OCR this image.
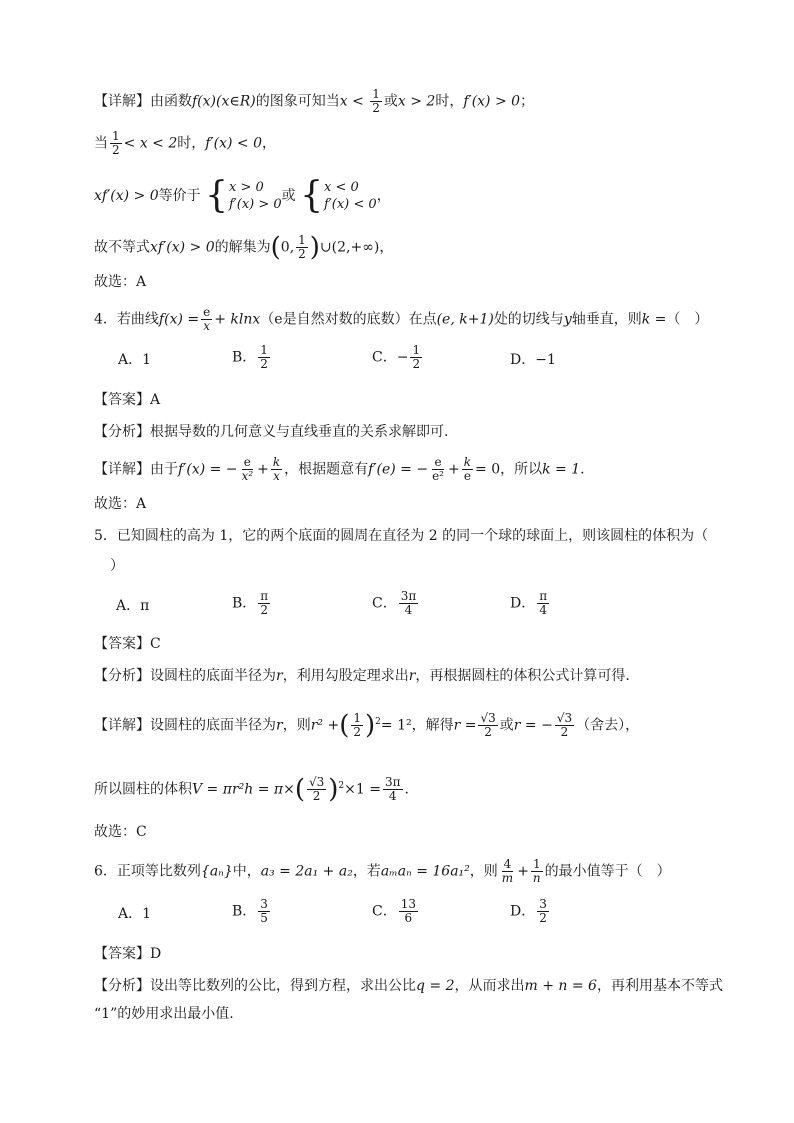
【详解】由函数f(x)(x∈R)的图象可知当$x < \frac{1}{2}$ 或x > 2时，f′(x) > 0；
当 $\frac{1}{2} < x < 2$时，f′(x) < 0，
xf′(x) > 0等价于 { x > 0
f′(x) > 0
或 { x < 0
f′(x) < 0
，
故不等式xf′(x) > 0的解集为(0, $\frac{1}{2}$ )∪(2,+∞)，
故选：A
4．若曲线$f(x) = \frac{e}{x} + klnx(e$是自然对数的底数）在点(e, k+1)处的切线与y轴垂直，则k =（　）
A．1	B． $\frac{1}{2}$	C．− $\frac{1}{2}$	D．−1
【答案】A
【分析】根据导数的几何意义与直线垂直的关系求解即可.
【详解】由于f′(x) = − $\frac{e}{\text{x²}} + \frac{k}{x}$ ，根据题意有f′(e) = − $\frac{e}{\text{e²}} + \frac{k}{e} = 0$，所以k = 1.
故选：A
5．已知圆柱的高为 1，它的两个底面的圆周在直径为 2 的同一个球的球面上，则该圆柱的体积为（
）
A．π	B． $\frac{\pi}{2}$	C． $\frac{3\pi}{4}$	D． $\frac{\pi}{4}$
【答案】C
【分析】设圆柱的底面半径为r，利用勾股定理求出r，再根据圆柱的体积公式计算可得.
【详解】设圆柱的底面半径为r，则r² +( $\frac{1}{2} )^2= 1^2$，解得$r = \frac{√3}{2}$ 或r = − $\frac{√3}{2}$ （舍去），
所以圆柱的体积$V = \pi r^2h = \pi\times( \frac{√3}{2} )^2\times 1 = \frac{3\pi}{4}$ .
故选：C
6．正项等比数列{aₙ}中，a₃ = 2a₁ + a₂，若aₘaₙ = 16a₁²，则 $\frac{4}{m} + \frac{1}{n}$ 的最小值等于（　）
A．1	B． $\frac{3}{5}$	C． $\frac{13}{6}$	D． $\frac{3}{2}$
【答案】D
【分析】设出等比数列的公比，得到方程，求出公比q = 2，从而求出m + n = 6，再利用基本不等式
“1”的妙用求出最小值.
